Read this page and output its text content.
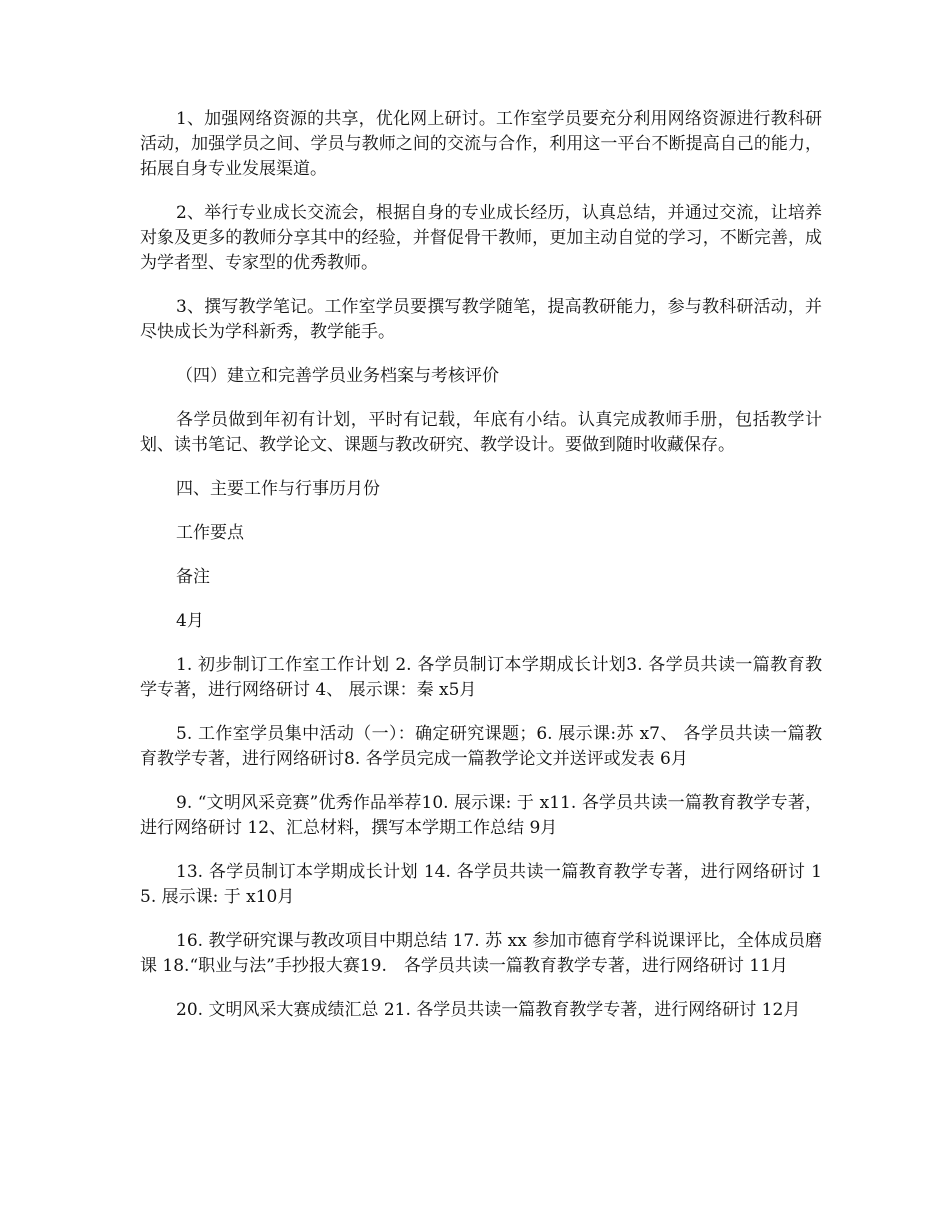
1、加强网络资源的共享，优化网上研讨。工作室学员要充分利用网络资源进行教科研活动，加强学员之间、学员与教师之间的交流与合作，利用这一平台不断提高自己的能力，拓展自身专业发展渠道。

2、举行专业成长交流会，根据自身的专业成长经历，认真总结，并通过交流，让培养对象及更多的教师分享其中的经验，并督促骨干教师，更加主动自觉的学习，不断完善，成为学者型、专家型的优秀教师。

3、撰写教学笔记。工作室学员要撰写教学随笔，提高教研能力，参与教科研活动，并尽快成长为学科新秀，教学能手。

（四）建立和完善学员业务档案与考核评价

各学员做到年初有计划，平时有记载，年底有小结。认真完成教师手册，包括教学计划、读书笔记、教学论文、课题与教改研究、教学设计。要做到随时收藏保存。

四、主要工作与行事历月份

工作要点

备注

4月

1. 初步制订工作室工作计划 2. 各学员制订本学期成长计划3. 各学员共读一篇教育教学专著，进行网络研讨 4、 展示课：秦 x5月

5. 工作室学员集中活动（一）：确定研究课题；6. 展示课:苏 x7、 各学员共读一篇教育教学专著，进行网络研讨8. 各学员完成一篇教学论文并送评或发表 6月

9. “文明风采竞赛”优秀作品举荐10. 展示课: 于 x11. 各学员共读一篇教育教学专著，进行网络研讨 12、汇总材料，撰写本学期工作总结 9月

13. 各学员制订本学期成长计划 14. 各学员共读一篇教育教学专著，进行网络研讨 15. 展示课: 于 x10月

16. 教学研究课与教改项目中期总结 17. 苏 xx 参加市德育学科说课评比，全体成员磨课 18.“职业与法”手抄报大赛19.　各学员共读一篇教育教学专著，进行网络研讨 11月

20. 文明风采大赛成绩汇总 21. 各学员共读一篇教育教学专著，进行网络研讨 12月
